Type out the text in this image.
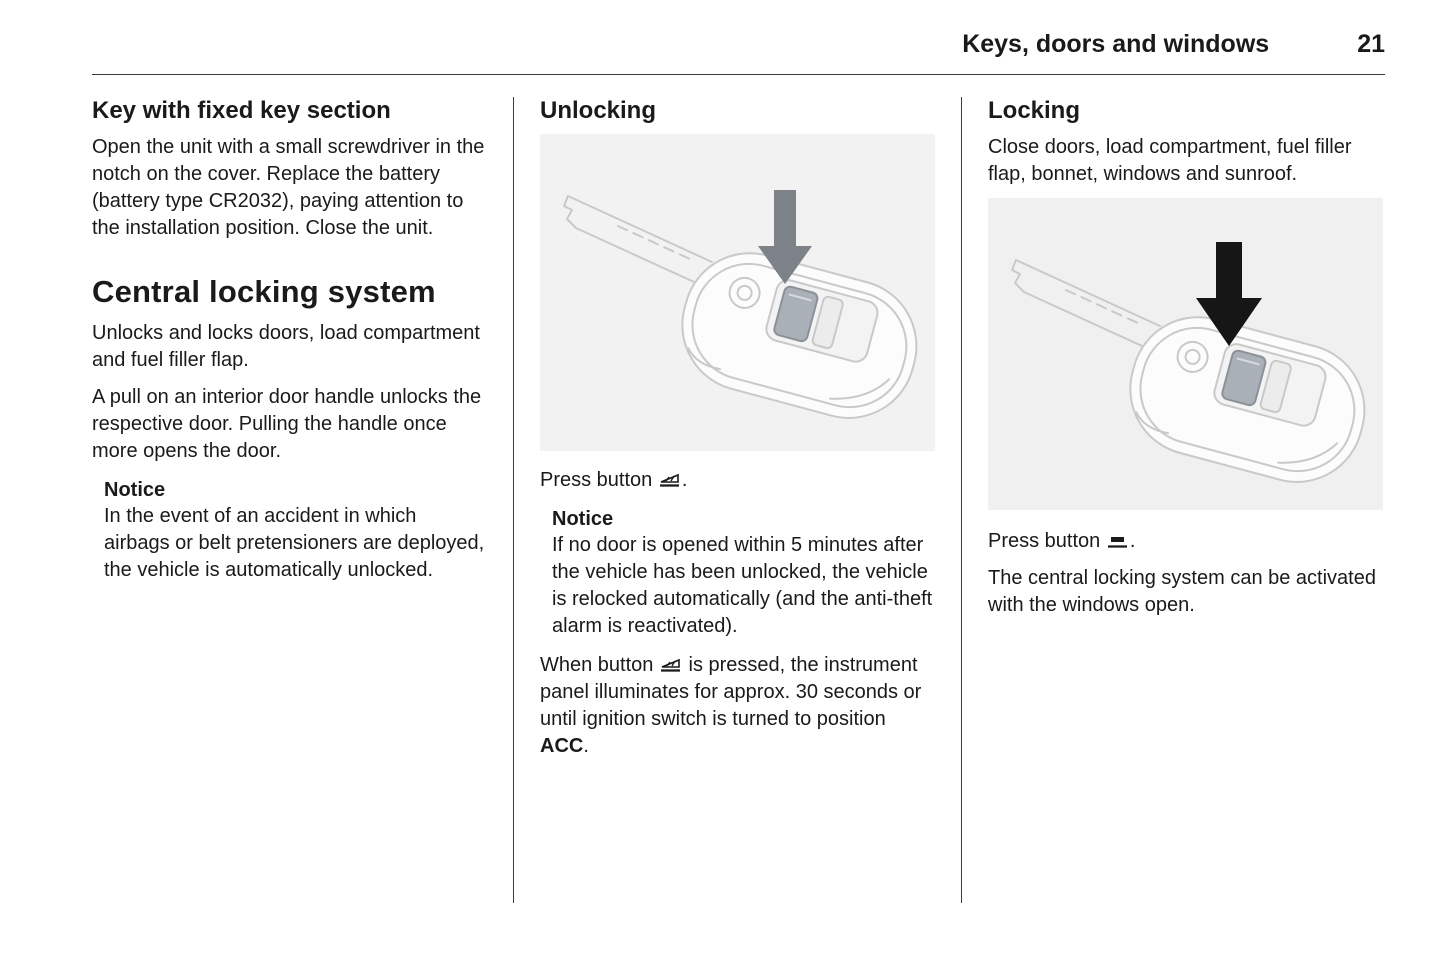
Keys, doors and windows	21
Key with fixed key section

Open the unit with a small screwdriver in the notch on the cover. Replace the battery (battery type CR2032), paying attention to the installation position. Close the unit.

Central locking system

Unlocks and locks doors, load compartment and fuel filler flap.

A pull on an interior door handle unlocks the respective door. Pulling the handle once more opens the door.

Notice

In the event of an accident in which airbags or belt pretensioners are deployed, the vehicle is automatically unlocked.

Unlocking

Press button .

Notice

If no door is opened within 5 minutes after the vehicle has been unlocked, the vehicle is relocked automatically (and the anti-theft alarm is reactivated).

When button  is pressed, the instrument panel illuminates for approx. 30 seconds or until ignition switch is turned to position ACC.

Locking

Close doors, load compartment, fuel filler flap, bonnet, windows and sunroof.

Press button .

The central locking system can be activated with the windows open.
